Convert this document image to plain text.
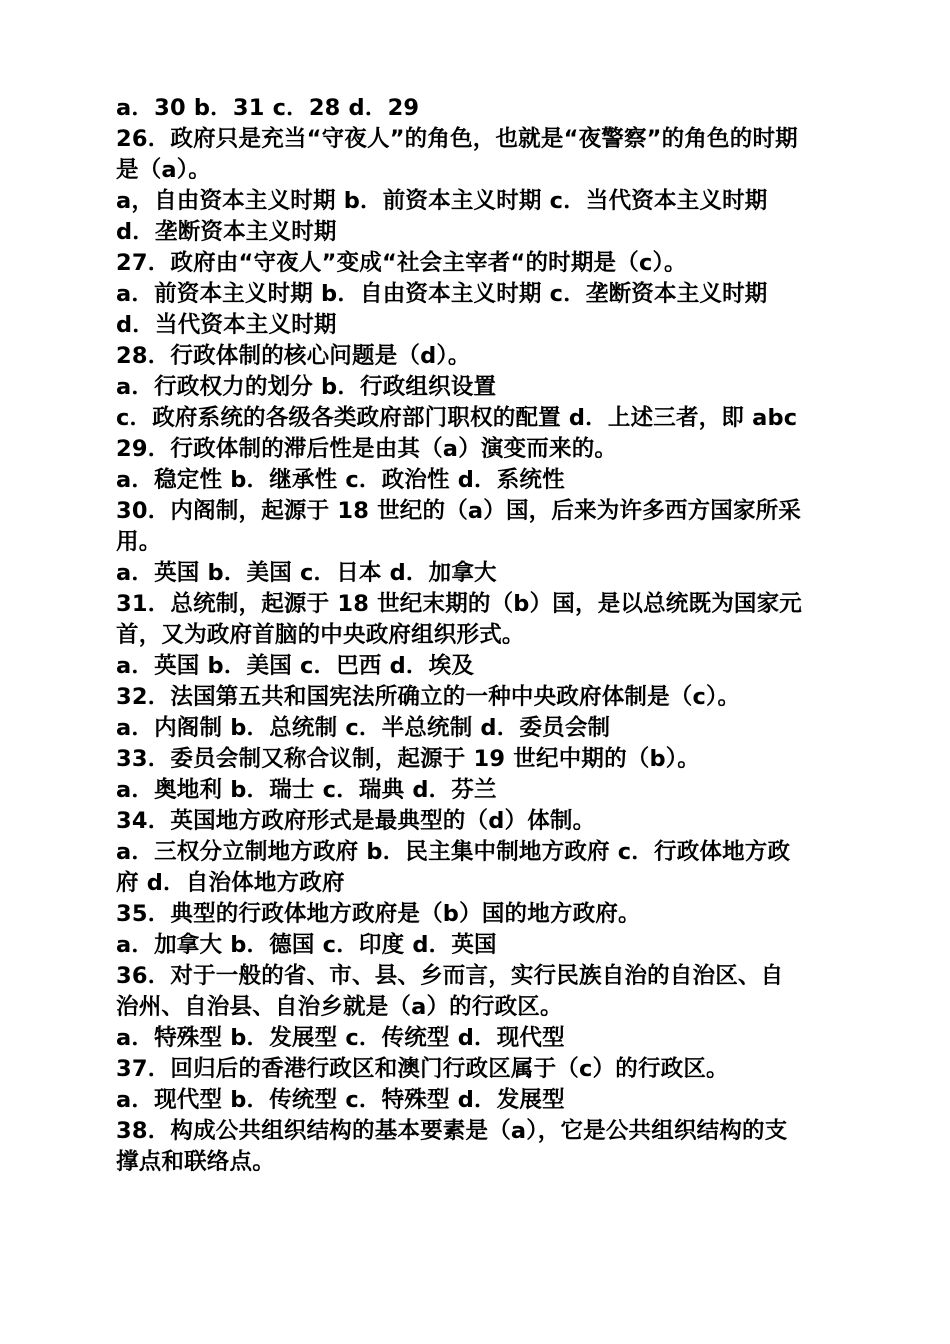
a．30 b．31 c．28 d．29
26．政府只是充当“守夜人”的角色，也就是“夜警察”的角色的时期
是（a）。
a，自由资本主义时期 b．前资本主义时期 c．当代资本主义时期
d．垄断资本主义时期
27．政府由“守夜人”变成“社会主宰者“的时期是（c）。
a．前资本主义时期 b．自由资本主义时期 c．垄断资本主义时期
d．当代资本主义时期
28．行政体制的核心问题是（d）。
a．行政权力的划分 b．行政组织设置
c．政府系统的各级各类政府部门职权的配置 d．上述三者，即 abc
29．行政体制的滞后性是由其（a）演变而来的。
a．稳定性 b．继承性 c．政治性 d．系统性
30．内阁制，起源于 18 世纪的（a）国，后来为许多西方国家所采
用。
a．英国 b．美国 c．日本 d．加拿大
31．总统制，起源于 18 世纪末期的（b）国，是以总统既为国家元
首，又为政府首脑的中央政府组织形式。
a．英国 b．美国 c．巴西 d．埃及
32．法国第五共和国宪法所确立的一种中央政府体制是（c）。
a．内阁制 b．总统制 c．半总统制 d．委员会制
33．委员会制又称合议制，起源于 19 世纪中期的（b）。
a．奥地利 b．瑞士 c．瑞典 d．芬兰
34．英国地方政府形式是最典型的（d）体制。
a．三权分立制地方政府 b．民主集中制地方政府 c．行政体地方政
府 d．自治体地方政府
35．典型的行政体地方政府是（b）国的地方政府。
a．加拿大 b．德国 c．印度 d．英国
36．对于一般的省、市、县、乡而言，实行民族自治的自治区、自
治州、自治县、自治乡就是（a）的行政区。
a．特殊型 b．发展型 c．传统型 d．现代型
37．回归后的香港行政区和澳门行政区属于（c）的行政区。
a．现代型 b．传统型 c．特殊型 d．发展型
38．构成公共组织结构的基本要素是（a），它是公共组织结构的支
撑点和联络点。
